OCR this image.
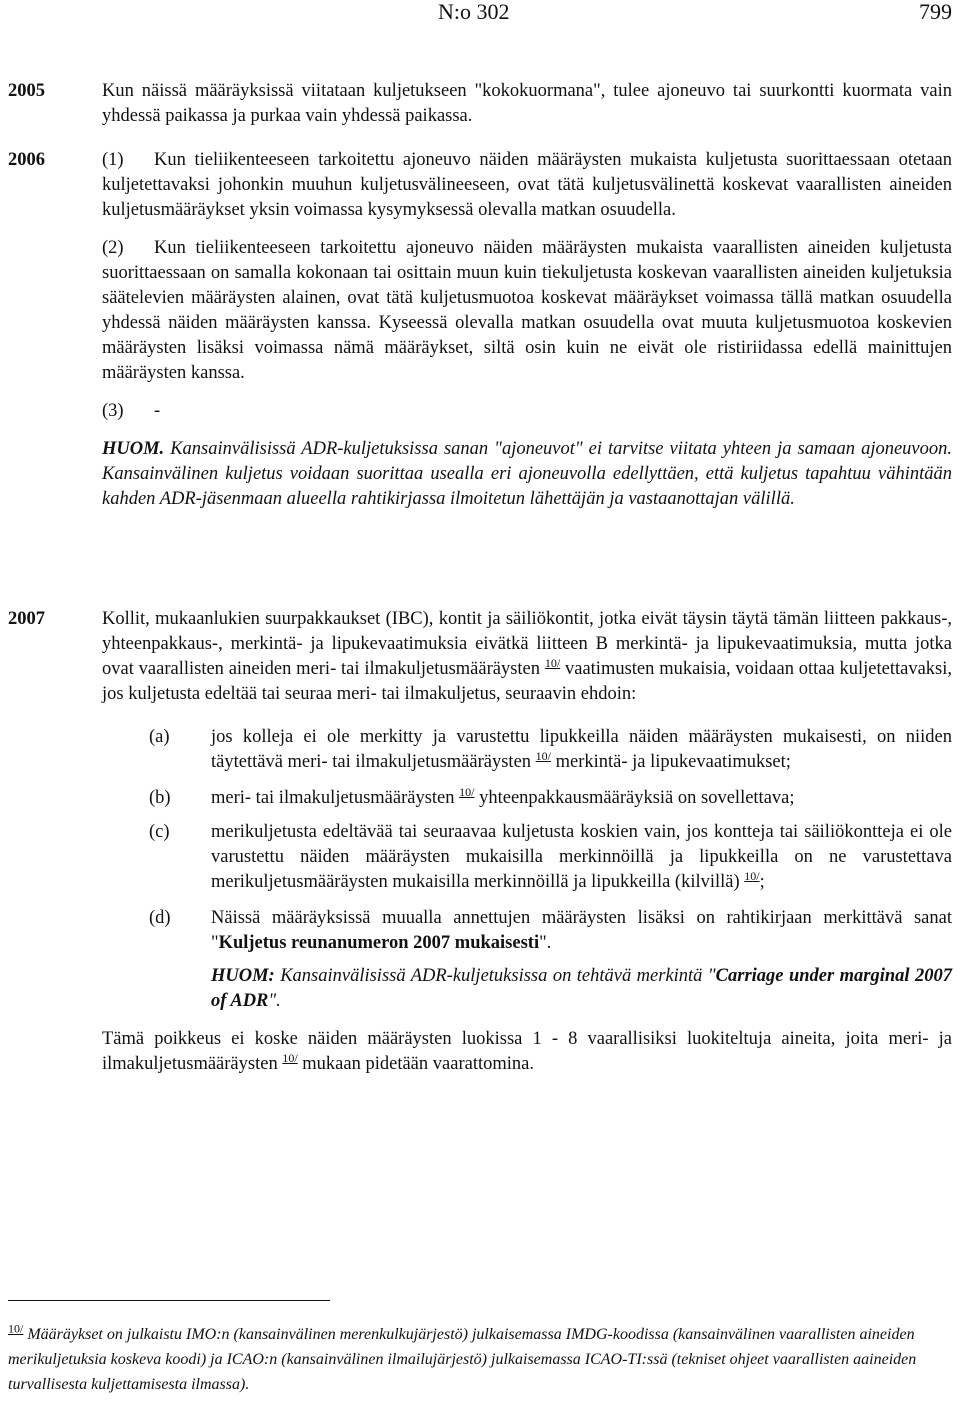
N:o 302	799
2005	Kun näissä määräyksissä viitataan kuljetukseen "kokokuormana", tulee ajoneuvo tai suurkontti kuormata vain yhdessä paikassa ja purkaa vain yhdessä paikassa.

2006	(1) Kun tieliikenteeseen tarkoitettu ajoneuvo näiden määräysten mukaista kuljetusta suorittaessaan otetaan kuljetettavaksi johonkin muuhun kuljetusvälineeseen, ovat tätä kuljetusvälinettä koskevat vaarallisten aineiden kuljetusmääräykset yksin voimassa kysymyksessä olevalla matkan osuudella.

(2) Kun tieliikenteeseen tarkoitettu ajoneuvo näiden määräysten mukaista vaarallisten aineiden kuljetusta suorittaessaan on samalla kokonaan tai osittain muun kuin tiekuljetusta koskevan vaarallisten aineiden kuljetuksia säätelevien määräysten alainen, ovat tätä kuljetusmuotoa koskevat määräykset voimassa tällä matkan osuudella yhdessä näiden määräysten kanssa. Kyseessä olevalla matkan osuudella ovat muuta kuljetusmuotoa koskevien määräysten lisäksi voimassa nämä määräykset, siltä osin kuin ne eivät ole ristiriidassa edellä mainittujen määräysten kanssa.

(3) -

HUOM. Kansainvälisissä ADR-kuljetuksissa sanan "ajoneuvot" ei tarvitse viitata yhteen ja samaan ajoneuvoon. Kansainvälinen kuljetus voidaan suorittaa usealla eri ajoneuvolla edellyttäen, että kuljetus tapahtuu vähintään kahden ADR-jäsenmaan alueella rahtikirjassa ilmoitetun lähettäjän ja vastaanottajan välillä.

2007	Kollit, mukaanlukien suurpakkaukset (IBC), kontit ja säiliökontit, jotka eivät täysin täytä tämän liitteen pakkaus-, yhteenpakkaus-, merkintä- ja lipukevaatimuksia eivätkä liitteen B merkintä- ja lipukevaatimuksia, mutta jotka ovat vaarallisten aineiden meri- tai ilmakuljetusmääräysten $^{10/}$ vaatimusten mukaisia, voidaan ottaa kuljetettavaksi, jos kuljetusta edeltää tai seuraa meri- tai ilmakuljetus, seuraavin ehdoin:

(a) jos kolleja ei ole merkitty ja varustettu lipukkeilla näiden määräysten mukaisesti, on niiden täytettävä meri- tai ilmakuljetusmääräysten $^{10/}$ merkintä- ja lipukevaatimukset;
(b) meri- tai ilmakuljetusmääräysten $^{10/}$ yhteenpakkausmääräyksiä on sovellettava;
(c) merikuljetusta edeltävää tai seuraavaa kuljetusta koskien vain, jos kontteja tai säiliökontteja ei ole varustettu näiden määräysten mukaisilla merkinnöillä ja lipukkeilla on ne varustettava merikuljetusmääräysten mukaisilla merkinnöillä ja lipukkeilla (kilvillä) $^{10/}$;
(d) Näissä määräyksissä muualla annettujen määräysten lisäksi on rahtikirjaan merkittävä sanat "Kuljetus reunanumeron 2007 mukaisesti".
HUOM: Kansainvälisissä ADR-kuljetuksissa on tehtävä merkintä "Carriage under marginal 2007 of ADR".

Tämä poikkeus ei koske näiden määräysten luokissa 1 - 8 vaarallisiksi luokiteltuja aineita, joita meri- ja ilmakuljetusmääräysten $^{10/}$ mukaan pidetään vaarattomina.

$^{10/}$ Määräykset on julkaistu IMO:n (kansainvälinen merenkulkujärjestö) julkaisemassa IMDG-koodissa (kansainvälinen vaarallisten aineiden merikuljetuksia koskeva koodi) ja ICAO:n (kansainvälinen ilmailujärjestö) julkaisemassa ICAO-TI:ssä (tekniset ohjeet vaarallisten aaineiden turvallisesta kuljettamisesta ilmassa).
